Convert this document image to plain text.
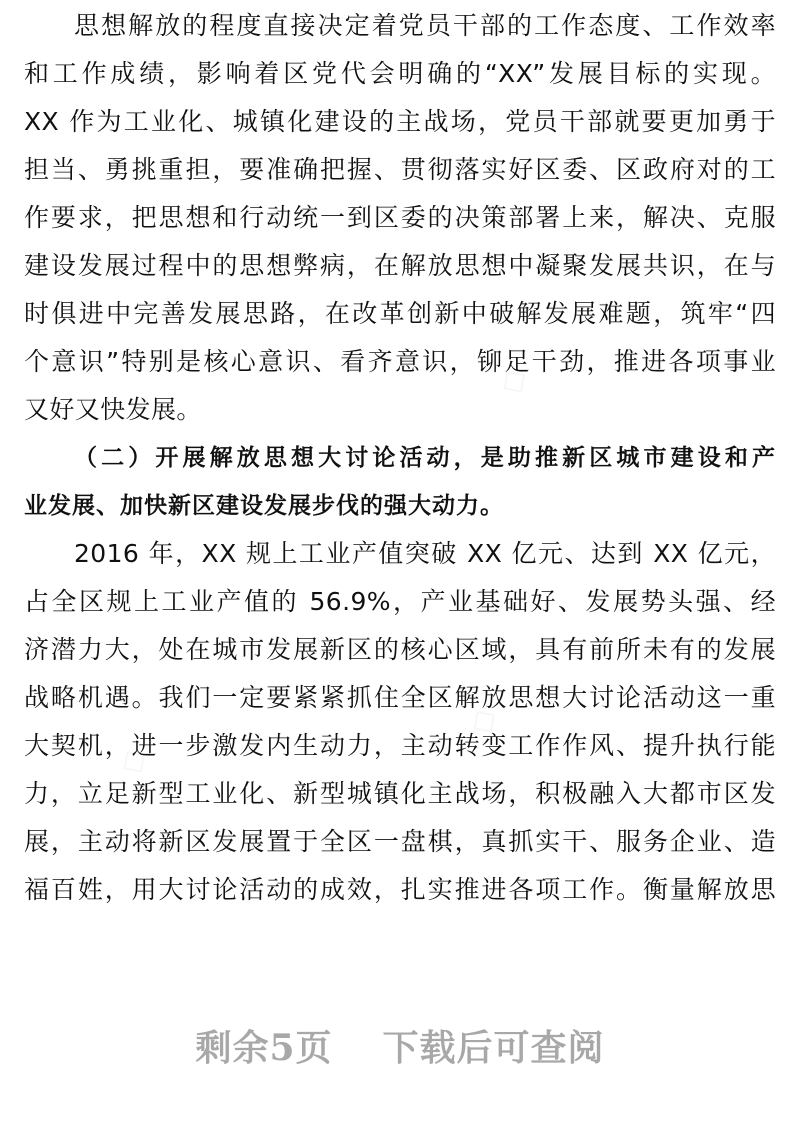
思想解放的程度直接决定着党员干部的工作态度、工作效率
和工作成绩，影响着区党代会明确的“XX”发展目标的实现。
XX 作为工业化、城镇化建设的主战场，党员干部就要更加勇于
担当、勇挑重担，要准确把握、贯彻落实好区委、区政府对的工
作要求，把思想和行动统一到区委的决策部署上来，解决、克服
建设发展过程中的思想弊病，在解放思想中凝聚发展共识，在与
时俱进中完善发展思路，在改革创新中破解发展难题，筑牢“四
个意识”特别是核心意识、看齐意识，铆足干劲，推进各项事业
又好又快发展。
（二）开展解放思想大讨论活动，是助推新区城市建设和产
业发展、加快新区建设发展步伐的强大动力。
2016 年，XX 规上工业产值突破 XX 亿元、达到 XX 亿元，
占全区规上工业产值的 56.9%，产业基础好、发展势头强、经
济潜力大，处在城市发展新区的核心区域，具有前所未有的发展
战略机遇。我们一定要紧紧抓住全区解放思想大讨论活动这一重
大契机，进一步激发内生动力，主动转变工作作风、提升执行能
力，立足新型工业化、新型城镇化主战场，积极融入大都市区发
展，主动将新区发展置于全区一盘棋，真抓实干、服务企业、造
福百姓，用大讨论活动的成效，扎实推进各项工作。衡量解放思
剩余5页 下载后可查阅
